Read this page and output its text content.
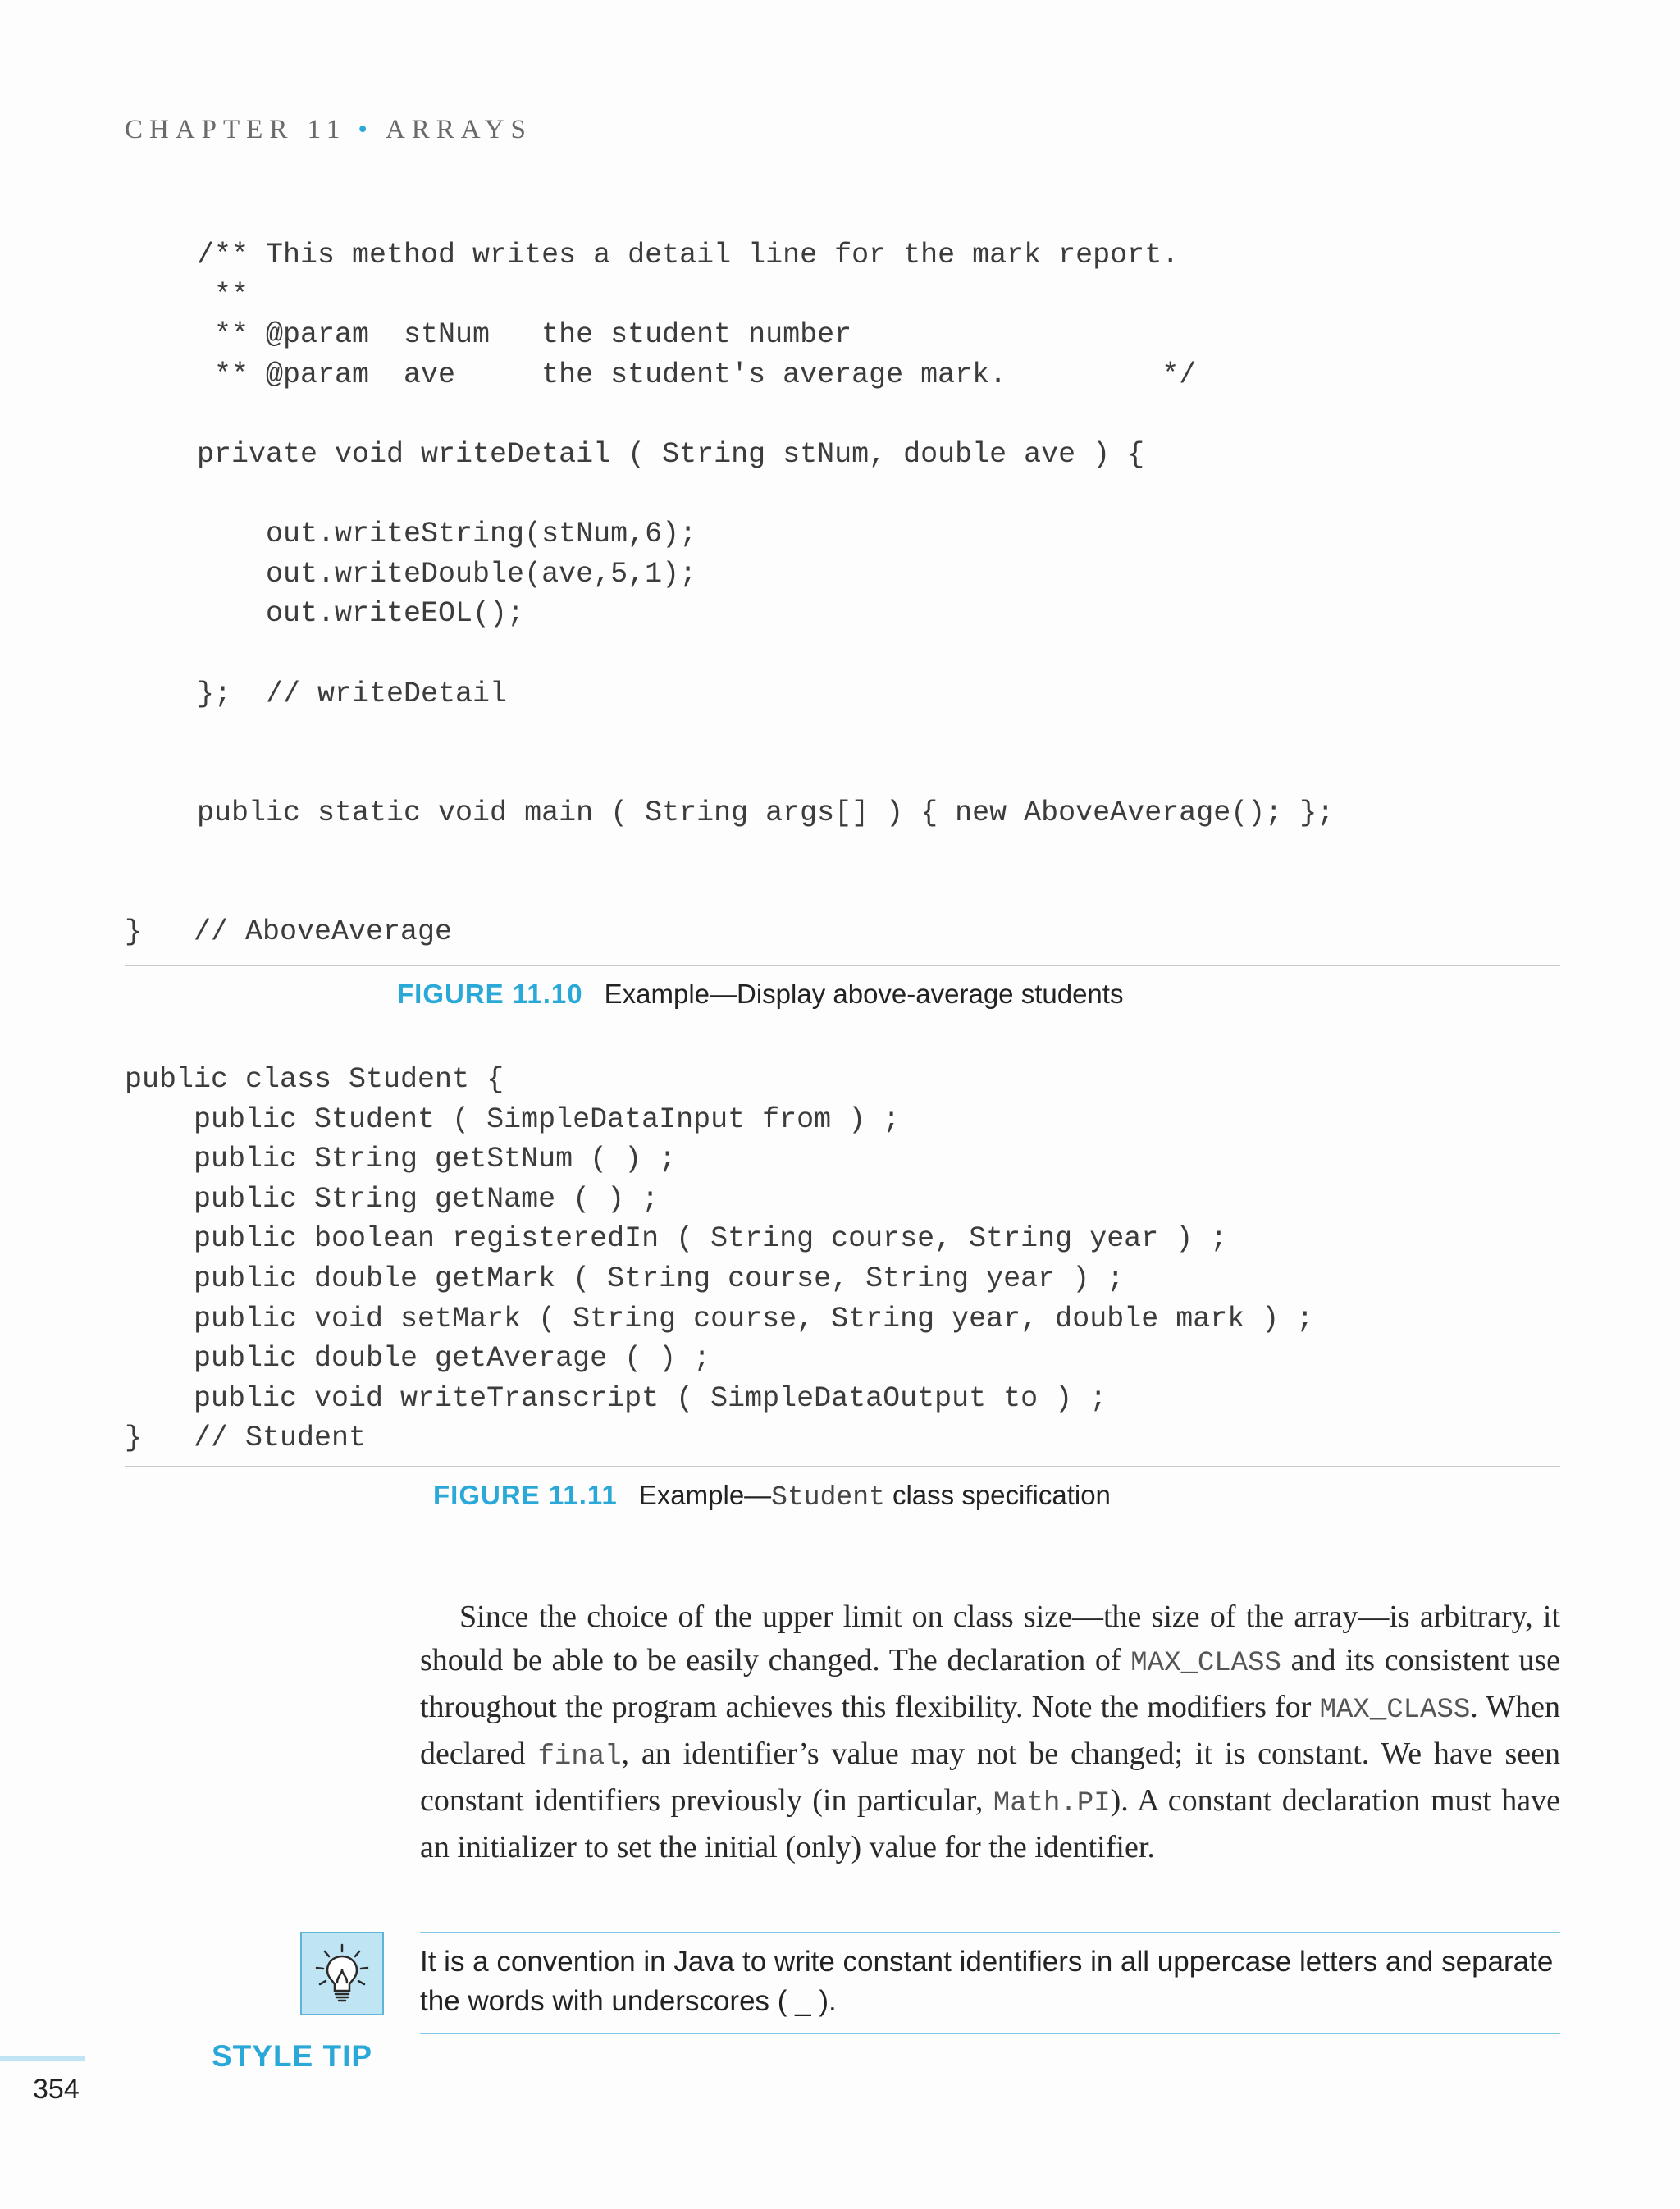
CHAPTER 11 • ARRAYS
/** This method writes a detail line for the mark report.
**
** @param  stNum   the student number
** @param  ave     the student's average mark.         */

private void writeDetail ( String stNum, double ave ) {

out.writeString(stNum,6);
out.writeDouble(ave,5,1);
out.writeEOL();

};  // writeDetail

public static void main ( String args[] ) { new AboveAverage(); };
}   // AboveAverage
FIGURE 11.10 Example—Display above-average students
public class Student {
public Student ( SimpleDataInput from ) ;
public String getStNum ( ) ;
public String getName ( ) ;
public boolean registeredIn ( String course, String year ) ;
public double getMark ( String course, String year ) ;
public void setMark ( String course, String year, double mark ) ;
public double getAverage ( ) ;
public void writeTranscript ( SimpleDataOutput to ) ;
}   // Student
FIGURE 11.11 Example—Student class specification
Since the choice of the upper limit on class size—the size of the array—is arbitrary, it should be able to be easily changed. The declaration of MAX_CLASS and its consistent use throughout the program achieves this flexibility. Note the modifiers for MAX_CLASS. When declared final, an identifier’s value may not be changed; it is constant. We have seen constant identifiers previously (in particular, Math.PI). A constant declaration must have an initializer to set the initial (only) value for the identifier.
It is a convention in Java to write constant identifiers in all uppercase letters and separate the words with underscores ( _ ).
STYLE TIP
354
